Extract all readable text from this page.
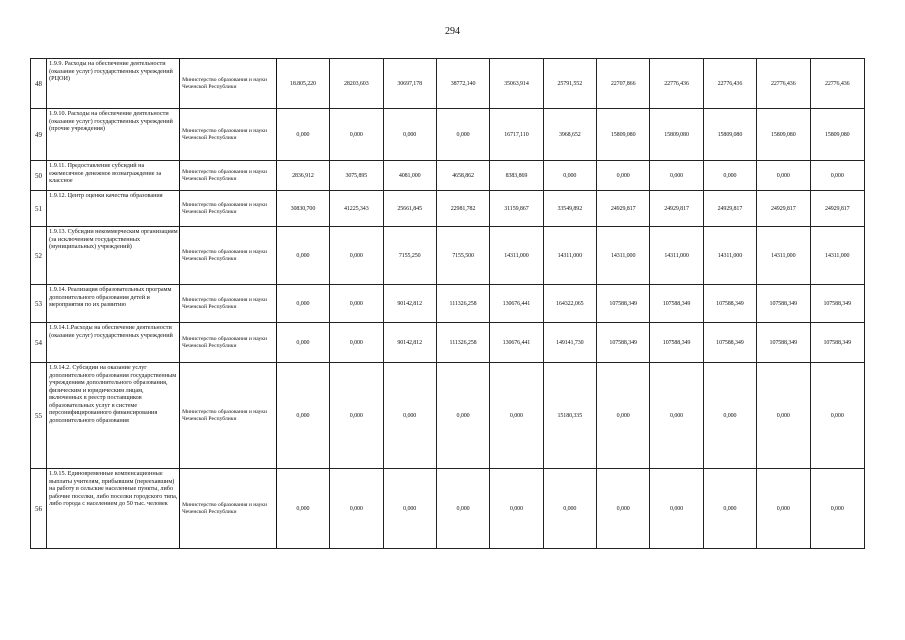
294
48	1.9.9. Расходы на обеспечение деятельности (оказание услуг) государственных учреждений (РЦОИ)	Министерство образования и науки Чеченской Республики	18.805,220	28203,603	30697,178	38772,140	35063,914	25791,552	22707,866	22776,436	22776,436	22776,436	22776,436
49	1.9.10. Расходы на обеспечение деятельности (оказание услуг) государственных учреждений (прочие учреждения)	Министерство образования и науки Чеченской Республики	0,000	0,000	0,000	0,000	16717,110	3968,652	15809,080	15809,080	15809,080	15809,080	15809,080
50	1.9.11. Предоставление субсидий на ежемесячное денежное вознаграждение за классное	Министерство образования и науки Чеченской Республики	2836,912	3075,895	4081,000	4658,862	8383,869	0,000	0,000	0,000	0,000	0,000	0,000
51	1.9.12. Центр оценки качества образования	Министерство образования и науки Чеченской Республики	30830,700	41225,343	25661,845	22981,782	31159,867	33549,892	24929,817	24929,817	24929,817	24929,817	24929,817
52	1.9.13. Субсидии некоммерческим организациям (за исключением государственных (муниципальных) учреждений)	Министерство образования и науки Чеченской Республики	0,000	0,000	7155,250	7155,500	14311,000	14311,000	14311,000	14311,000	14311,000	14311,000	14311,000
53	1.9.14. Реализация образовательных программ дополнительного образования детей и мероприятия по их развитию	Министерство образования и науки Чеченской Республики	0,000	0,000	90142,812	111326,258	130676,441	164322,065	107588,349	107588,349	107588,349	107588,349	107588,349
54	1.9.14.1.Расходы на обеспечение деятельности (оказание услуг) государственных учреждений	Министерство образования и науки Чеченской Республики	0,000	0,000	90142,812	111326,258	130676,441	149141,730	107588,349	107588,349	107588,349	107588,349	107588,349
55	1.9.14.2. Субсидии на оказание услуг дополнительного образования государственным учреждениям дополнительного образования, физическим и юридическим лицам, включенных в реестр поставщиков образовательных услуг в системе персонифицированного финансирования дополнительного образования	Министерство образования и науки Чеченской Республики	0,000	0,000	0,000	0,000	0,000	15180,335	0,000	0,000	0,000	0,000	0,000
56	1.9.15. Единовременные компенсационные выплаты учителям, прибывшим (переехавшим) на работу в сельские населенные пункты, либо рабочие поселки, либо поселки городского типа, либо города с населением до 50 тыс. человек	Министерство образования и науки Чеченской Республики	0,000	0,000	0,000	0,000	0,000	0,000	0,000	0,000	0,000	0,000	0,000
